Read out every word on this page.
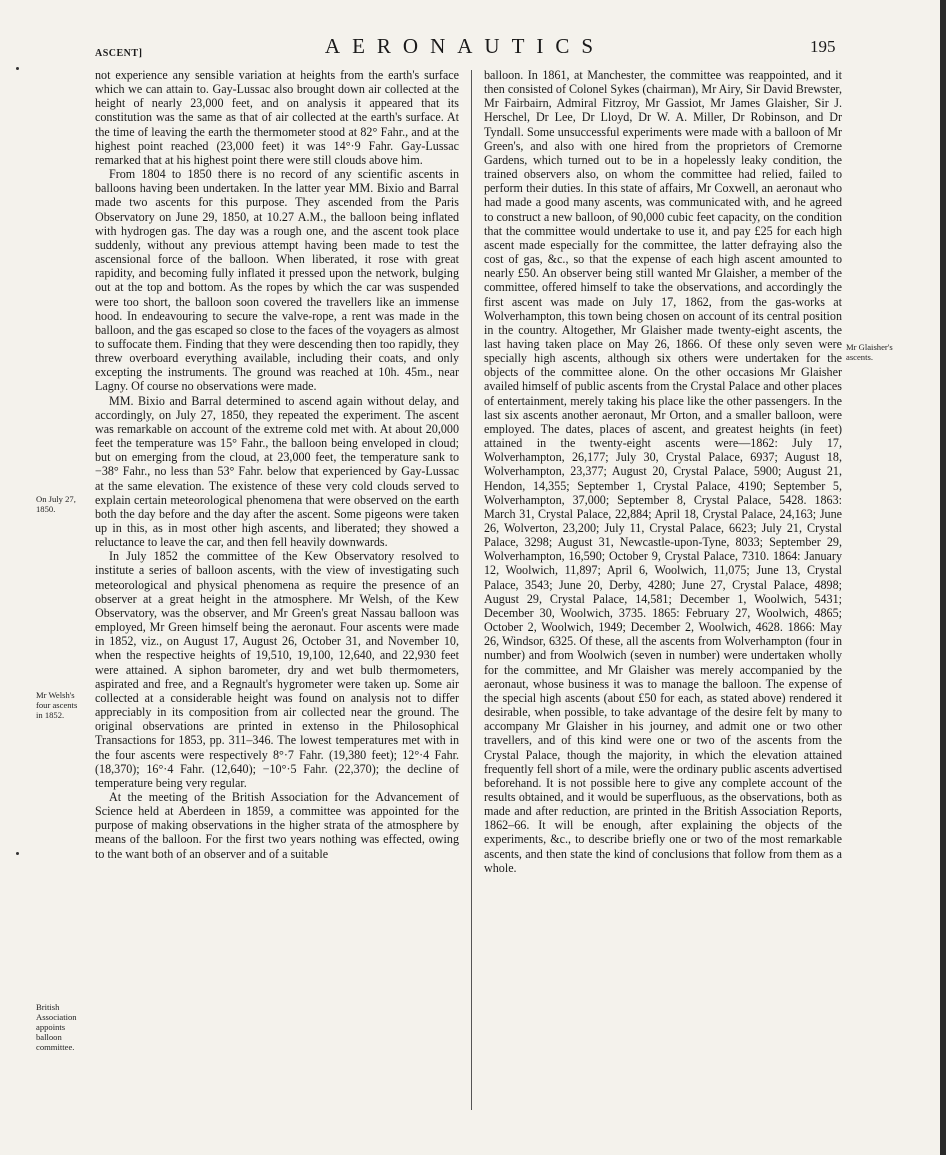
ASCENT]	AERONAUTICS	195
On July 27, 1850.
Mr Welsh's four ascents in 1852.
British Association appoints balloon committee.
Mr Glaisher's ascents.

not experience any sensible variation at heights from the earth's surface which we can attain to. Gay-Lussac also brought down air collected at the height of nearly 23,000 feet, and on analysis it appeared that its constitution was the same as that of air collected at the earth's surface. At the time of leaving the earth the thermometer stood at 82° Fahr., and at the highest point reached (23,000 feet) it was 14°·9 Fahr. Gay-Lussac remarked that at his highest point there were still clouds above him.

From 1804 to 1850 there is no record of any scientific ascents in balloons having been undertaken. In the latter year MM. Bixio and Barral made two ascents for this purpose. They ascended from the Paris Observatory on June 29, 1850, at 10.27 A.M., the balloon being inflated with hydrogen gas. The day was a rough one, and the ascent took place suddenly, without any previous attempt having been made to test the ascensional force of the balloon. When liberated, it rose with great rapidity, and becoming fully inflated it pressed upon the network, bulging out at the top and bottom. As the ropes by which the car was suspended were too short, the balloon soon covered the travellers like an immense hood. In endeavouring to secure the valve-rope, a rent was made in the balloon, and the gas escaped so close to the faces of the voyagers as almost to suffocate them. Finding that they were descending then too rapidly, they threw overboard everything available, including their coats, and only excepting the instruments. The ground was reached at 10h. 45m., near Lagny. Of course no observations were made.

MM. Bixio and Barral determined to ascend again without delay, and accordingly, on July 27, 1850, they repeated the experiment. The ascent was remarkable on account of the extreme cold met with. At about 20,000 feet the temperature was 15° Fahr., the balloon being enveloped in cloud; but on emerging from the cloud, at 23,000 feet, the temperature sank to −38° Fahr., no less than 53° Fahr. below that experienced by Gay-Lussac at the same elevation. The existence of these very cold clouds served to explain certain meteorological phenomena that were observed on the earth both the day before and the day after the ascent. Some pigeons were taken up in this, as in most other high ascents, and liberated; they showed a reluctance to leave the car, and then fell heavily downwards.

In July 1852 the committee of the Kew Observatory resolved to institute a series of balloon ascents, with the view of investigating such meteorological and physical phenomena as require the presence of an observer at a great height in the atmosphere. Mr Welsh, of the Kew Observatory, was the observer, and Mr Green's great Nassau balloon was employed, Mr Green himself being the aeronaut. Four ascents were made in 1852, viz., on August 17, August 26, October 31, and November 10, when the respective heights of 19,510, 19,100, 12,640, and 22,930 feet were attained. A siphon barometer, dry and wet bulb thermometers, aspirated and free, and a Regnault's hygrometer were taken up. Some air collected at a considerable height was found on analysis not to differ appreciably in its composition from air collected near the ground. The original observations are printed in extenso in the Philosophical Transactions for 1853, pp. 311–346. The lowest temperatures met with in the four ascents were respectively 8°·7 Fahr. (19,380 feet); 12°·4 Fahr. (18,370); 16°·4 Fahr. (12,640); −10°·5 Fahr. (22,370); the decline of temperature being very regular.

At the meeting of the British Association for the Advancement of Science held at Aberdeen in 1859, a committee was appointed for the purpose of making observations in the higher strata of the atmosphere by means of the balloon. For the first two years nothing was effected, owing to the want both of an observer and of a suitable

balloon. In 1861, at Manchester, the committee was reappointed, and it then consisted of Colonel Sykes (chairman), Mr Airy, Sir David Brewster, Mr Fairbairn, Admiral Fitzroy, Mr Gassiot, Mr James Glaisher, Sir J. Herschel, Dr Lee, Dr Lloyd, Dr W. A. Miller, Dr Robinson, and Dr Tyndall. Some unsuccessful experiments were made with a balloon of Mr Green's, and also with one hired from the proprietors of Cremorne Gardens, which turned out to be in a hopelessly leaky condition, the trained observers also, on whom the committee had relied, failed to perform their duties. In this state of affairs, Mr Coxwell, an aeronaut who had made a good many ascents, was communicated with, and he agreed to construct a new balloon, of 90,000 cubic feet capacity, on the condition that the committee would undertake to use it, and pay £25 for each high ascent made especially for the committee, the latter defraying also the cost of gas, &c., so that the expense of each high ascent amounted to nearly £50. An observer being still wanted Mr Glaisher, a member of the committee, offered himself to take the observations, and accordingly the first ascent was made on July 17, 1862, from the gas-works at Wolverhampton, this town being chosen on account of its central position in the country. Altogether, Mr Glaisher made twenty-eight ascents, the last having taken place on May 26, 1866. Of these only seven were specially high ascents, although six others were undertaken for the objects of the committee alone. On the other occasions Mr Glaisher availed himself of public ascents from the Crystal Palace and other places of entertainment, merely taking his place like the other passengers. In the last six ascents another aeronaut, Mr Orton, and a smaller balloon, were employed. The dates, places of ascent, and greatest heights (in feet) attained in the twenty-eight ascents were—1862: July 17, Wolverhampton, 26,177; July 30, Crystal Palace, 6937; August 18, Wolverhampton, 23,377; August 20, Crystal Palace, 5900; August 21, Hendon, 14,355; September 1, Crystal Palace, 4190; September 5, Wolverhampton, 37,000; September 8, Crystal Palace, 5428. 1863: March 31, Crystal Palace, 22,884; April 18, Crystal Palace, 24,163; June 26, Wolverton, 23,200; July 11, Crystal Palace, 6623; July 21, Crystal Palace, 3298; August 31, Newcastle-upon-Tyne, 8033; September 29, Wolverhampton, 16,590; October 9, Crystal Palace, 7310. 1864: January 12, Woolwich, 11,897; April 6, Woolwich, 11,075; June 13, Crystal Palace, 3543; June 20, Derby, 4280; June 27, Crystal Palace, 4898; August 29, Crystal Palace, 14,581; December 1, Woolwich, 5431; December 30, Woolwich, 3735. 1865: February 27, Woolwich, 4865; October 2, Woolwich, 1949; December 2, Woolwich, 4628. 1866: May 26, Windsor, 6325. Of these, all the ascents from Wolverhampton (four in number) and from Woolwich (seven in number) were undertaken wholly for the committee, and Mr Glaisher was merely accompanied by the aeronaut, whose business it was to manage the balloon. The expense of the special high ascents (about £50 for each, as stated above) rendered it desirable, when possible, to take advantage of the desire felt by many to accompany Mr Glaisher in his journey, and admit one or two other travellers, and of this kind were one or two of the ascents from the Crystal Palace, though the majority, in which the elevation attained frequently fell short of a mile, were the ordinary public ascents advertised beforehand. It is not possible here to give any complete account of the results obtained, and it would be superfluous, as the observations, both as made and after reduction, are printed in the British Association Reports, 1862–66. It will be enough, after explaining the objects of the experiments, &c., to describe briefly one or two of the most remarkable ascents, and then state the kind of conclusions that follow from them as a whole.
